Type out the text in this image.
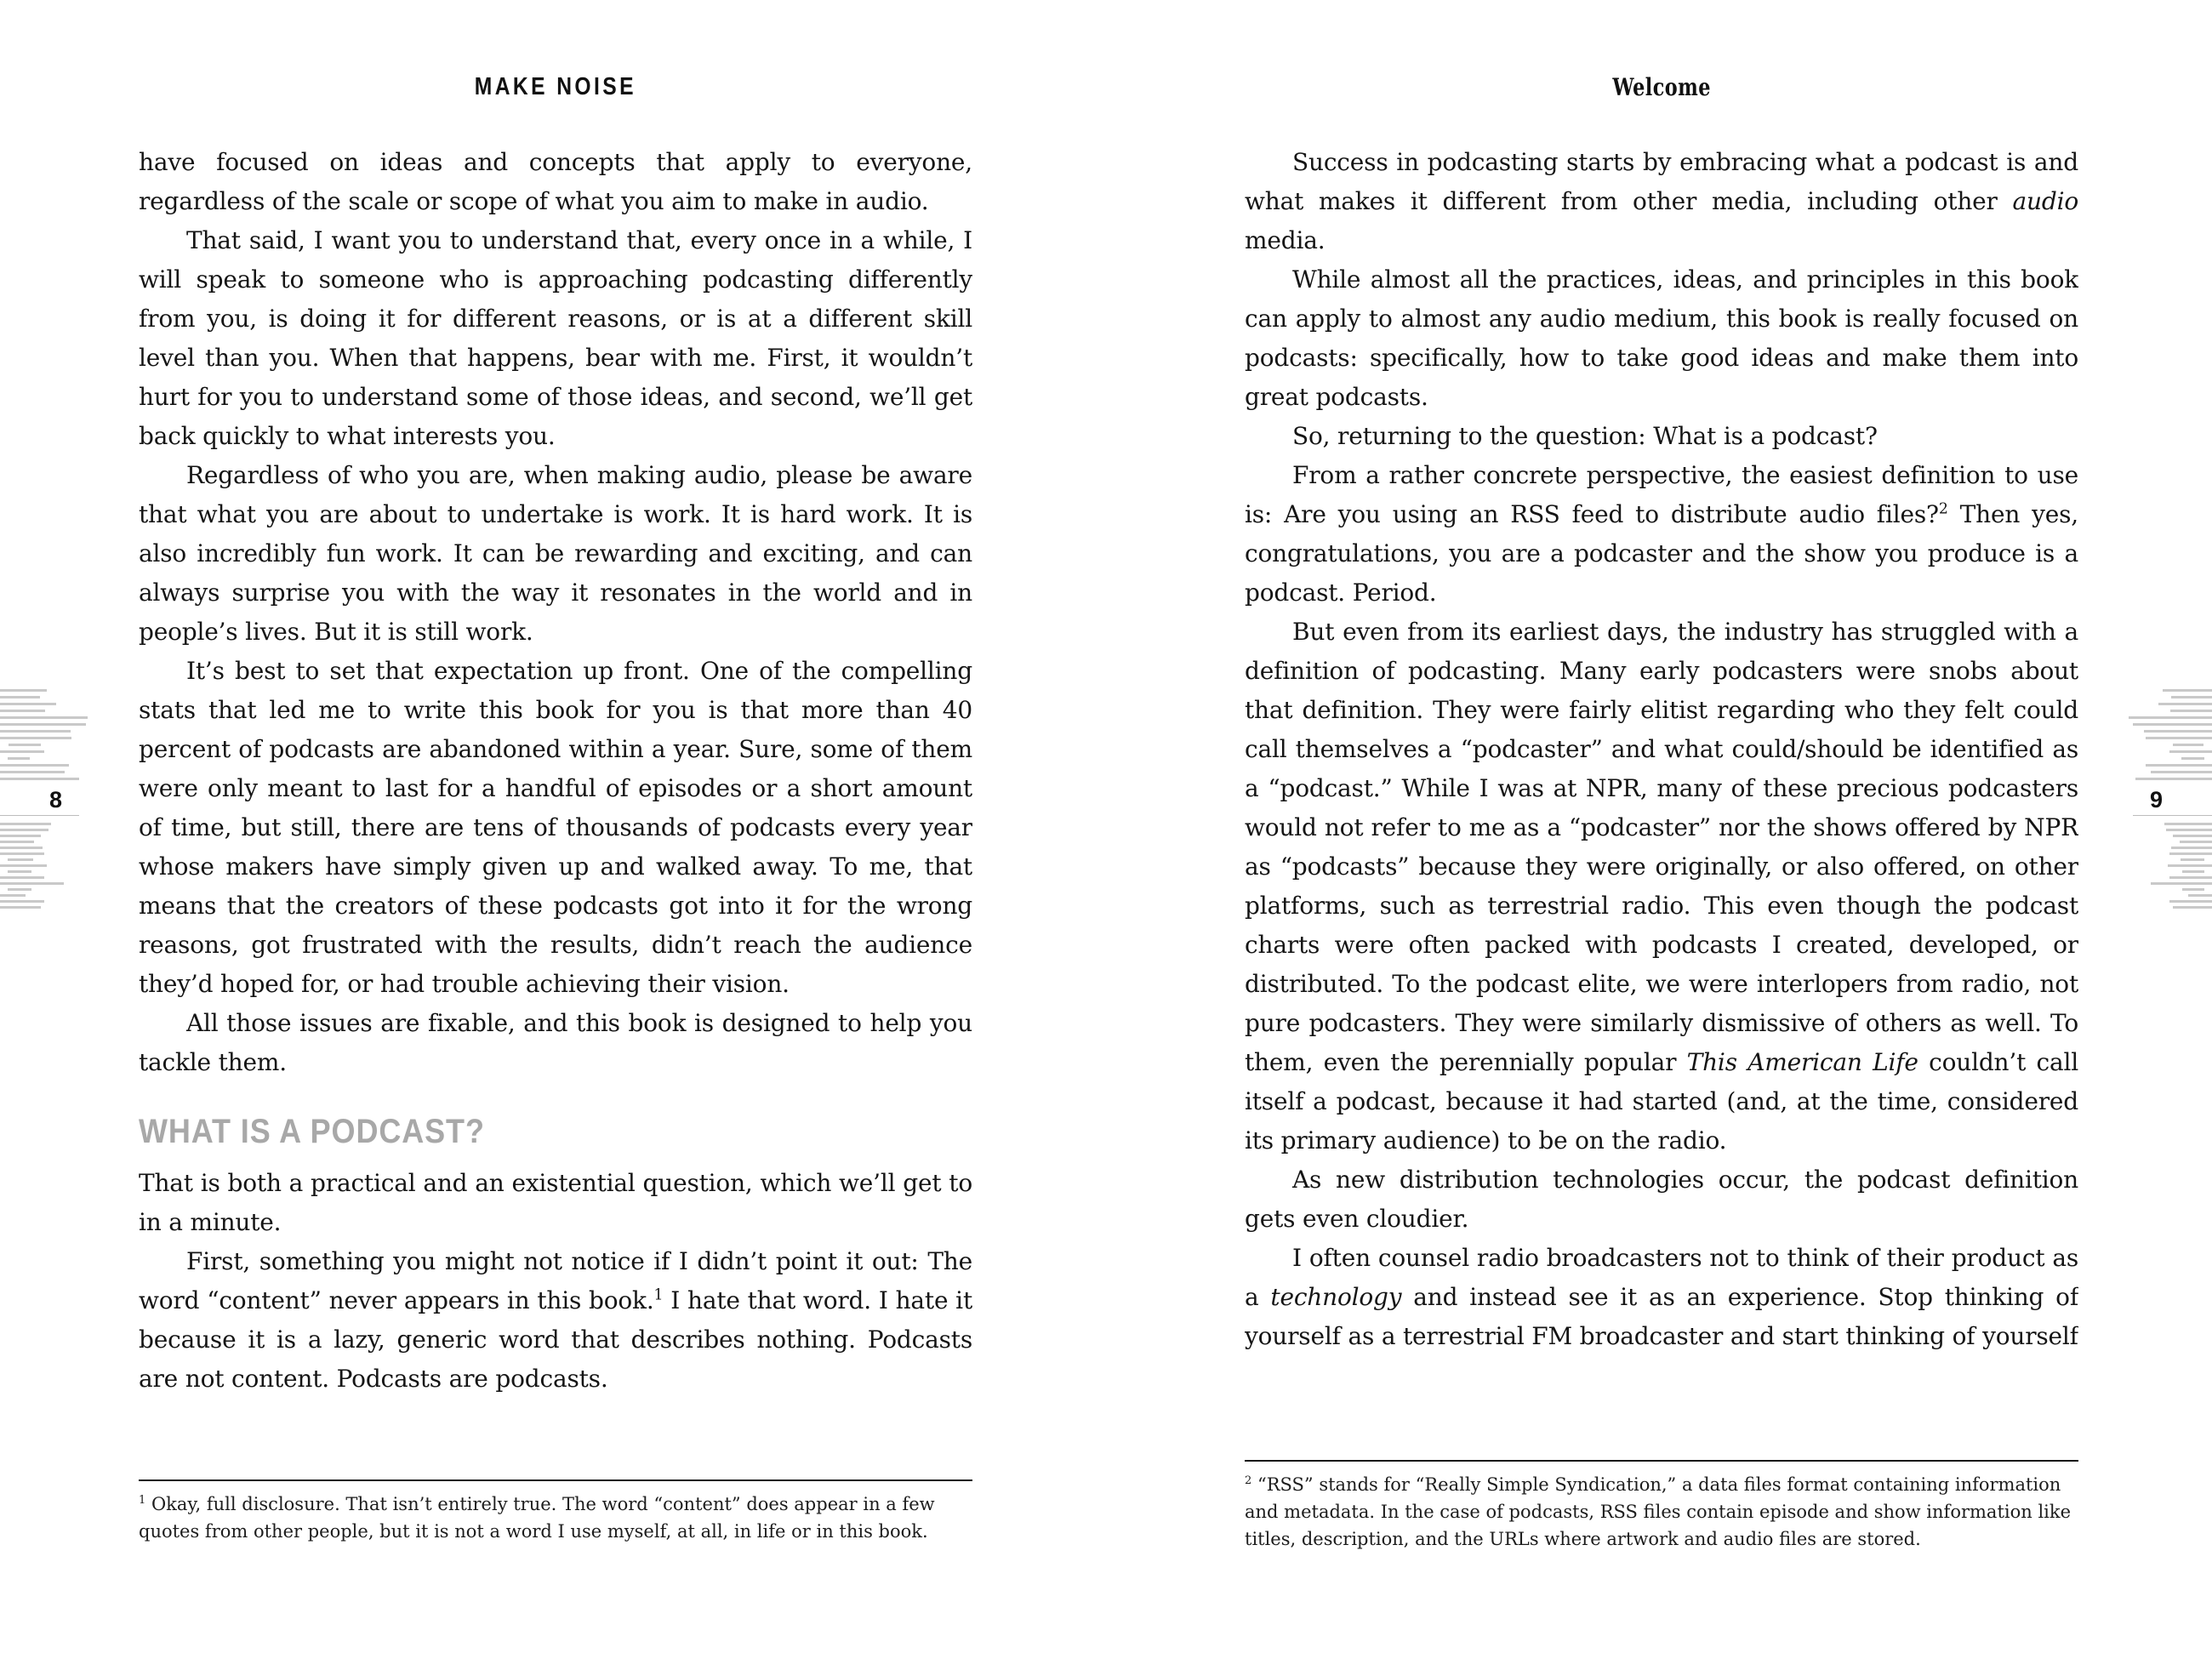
MAKE NOISE

have focused on ideas and concepts that apply to everyone, regardless of the scale or scope of what you aim to make in audio.

That said, I want you to understand that, every once in a while, I will speak to someone who is approaching podcasting differently from you, is doing it for different reasons, or is at a different skill level than you. When that happens, bear with me. First, it wouldn’t hurt for you to understand some of those ideas, and second, we’ll get back quickly to what interests you.

Regardless of who you are, when making audio, please be aware that what you are about to undertake is work. It is hard work. It is also incredibly fun work. It can be rewarding and exciting, and can always surprise you with the way it resonates in the world and in people’s lives. But it is still work.

It’s best to set that expectation up front. One of the compelling stats that led me to write this book for you is that more than 40 percent of podcasts are abandoned within a year. Sure, some of them were only meant to last for a handful of episodes or a short amount of time, but still, there are tens of thousands of podcasts every year whose makers have simply given up and walked away. To me, that means that the creators of these podcasts got into it for the wrong reasons, got frustrated with the results, didn’t reach the audience they’d hoped for, or had trouble achieving their vision.

All those issues are fixable, and this book is designed to help you tackle them.

WHAT IS A PODCAST?

That is both a practical and an existential question, which we’ll get to in a minute.

First, something you might not notice if I didn’t point it out: The word “content” never appears in this book.$^1$ I hate that word. I hate it because it is a lazy, generic word that describes nothing. Podcasts are not content. Podcasts are podcasts.

$^1$ Okay, full disclosure. That isn’t entirely true. The word “content” does appear in a few quotes from other people, but it is not a word I use myself, at all, in life or in this book.

Welcome

Success in podcasting starts by embracing what a podcast is and what makes it different from other media, including other audio media.

While almost all the practices, ideas, and principles in this book can apply to almost any audio medium, this book is really focused on podcasts: specifically, how to take good ideas and make them into great podcasts.

So, returning to the question: What is a podcast?

From a rather concrete perspective, the easiest definition to use is: Are you using an RSS feed to distribute audio files?$^2$ Then yes, congratulations, you are a podcaster and the show you produce is a podcast. Period.

But even from its earliest days, the industry has struggled with a definition of podcasting. Many early podcasters were snobs about that definition. They were fairly elitist regarding who they felt could call themselves a “podcaster” and what could/should be identified as a “podcast.” While I was at NPR, many of these precious podcasters would not refer to me as a “podcaster” nor the shows offered by NPR as “podcasts” because they were originally, or also offered, on other platforms, such as terrestrial radio. This even though the podcast charts were often packed with podcasts I created, developed, or distributed. To the podcast elite, we were interlopers from radio, not pure podcasters. They were similarly dismissive of others as well. To them, even the perennially popular This American Life couldn’t call itself a podcast, because it had started (and, at the time, considered its primary audience) to be on the radio.

As new distribution technologies occur, the podcast definition gets even cloudier.

I often counsel radio broadcasters not to think of their product as a technology and instead see it as an experience. Stop thinking of yourself as a terrestrial FM broadcaster and start thinking of yourself

$^2$ “RSS” stands for “Really Simple Syndication,” a data files format containing information and metadata. In the case of podcasts, RSS files contain episode and show information like titles, description, and the URLs where artwork and audio files are stored.

8	9
